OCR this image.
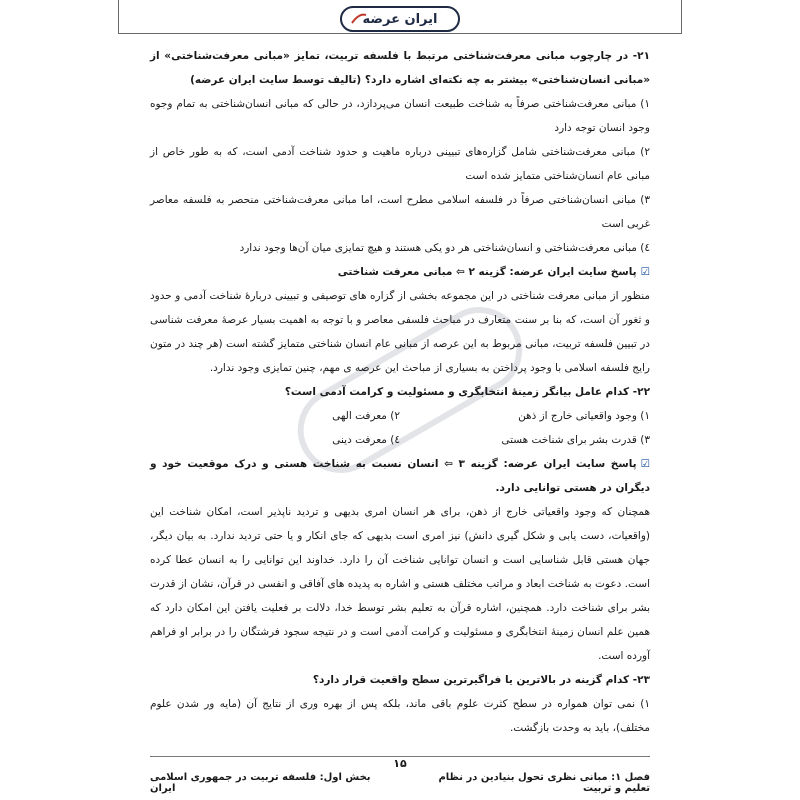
ایران عرضه

۲۱- در چارچوب مبانی معرفت‌شناختی مرتبط با فلسفه تربیت، تمایز «مبانی معرفت‌شناختی» از «مبانی انسان‌شناختی» بیشتر به چه نکته‌ای اشاره دارد؟ (تالیف توسط سایت ایران عرضه)

۱) مبانی معرفت‌شناختی صرفاً به شناخت طبیعت انسان می‌پردازد، در حالی که مبانی انسان‌شناختی به تمام وجوه وجود انسان توجه دارد

۲) مبانی معرفت‌شناختی شامل گزاره‌های تبیینی درباره ماهیت و حدود شناخت آدمی است، که به طور خاص از مبانی عام انسان‌شناختی متمایز شده است

۳) مبانی انسان‌شناختی صرفاً در فلسفه اسلامی مطرح است، اما مبانی معرفت‌شناختی منحصر به فلسفه معاصر غربی است

٤) مبانی معرفت‌شناختی و انسان‌شناختی هر دو یکی هستند و هیچ تمایزی میان آن‌ها وجود ندارد

☑پاسخ سایت ایران عرضه: گزینه ۲ ⇦ مبانی معرفت شناختی

منظور از مبانی معرفت شناختی در این مجموعه بخشی از گزاره های توصیفی و تبیینی دربارهٔ شناخت آدمی و حدود و ثغور آن است، که بنا بر سنت متعارف در مباحث فلسفی معاصر و با توجه به اهمیت بسیار عرصهٔ معرفت شناسی در تبیین فلسفه تربیت، مبانی مربوط به این عرصه از مبانی عام انسان شناختی متمایز گشته است (هر چند در متون رایج فلسفه اسلامی با وجود پرداختن به بسیاری از مباحث این عرصه ی مهم، چنین تمایزی وجود ندارد.

۲۲- کدام عامل بیانگر زمینهٔ انتخابگری و مسئولیت و کرامت آدمی است؟

۱) وجود واقعیاتی خارج از ذهن
۲) معرفت الهی
۳) قدرت بشر برای شناخت هستی
٤) معرفت دینی

☑پاسخ سایت ایران عرضه: گزینه ۳ ⇦ انسان نسبت به شناخت هستی و درک موقعیت خود و دیگران در هستی توانایی دارد.

همچنان که وجود واقعیاتی خارج از ذهن، برای هر انسان امری بدیهی و تردید ناپذیر است، امکان شناخت این (واقعیات، دست یابی و شکل گیری دانش) نیز امری است بدیهی که جای انکار و یا حتی تردید ندارد. به بیان دیگر، جهان هستی قابل شناسایی است و انسان توانایی شناخت آن را دارد. خداوند این توانایی را به انسان عطا کرده است. دعوت به شناخت ابعاد و مراتب مختلف هستی و اشاره به پدیده های آفاقی و انفسی در قرآن، نشان از قدرت بشر برای شناخت دارد. همچنین، اشاره قرآن به تعلیم بشر توسط خدا، دلالت بر فعلیت یافتن این امکان دارد که همین علم انسان زمینهٔ انتخابگری و مسئولیت و کرامت آدمی است و در نتیجه سجود فرشتگان را در برابر او فراهم آورده است.

۲۳- کدام گزینه در بالاترین یا فراگیرترین سطح واقعیت قرار دارد؟

۱) نمی توان همواره در سطح کثرت علوم باقی ماند، بلکه پس از بهره وری از نتایج آن (مایه ور شدن علوم مختلف)، باید به وحدت بازگشت.

۱۵
بخش اول: فلسفه تربیت در جمهوری اسلامی ایران
فصل ۱: مبانی نظری تحول بنیادین در نظام تعلیم و تربیت
